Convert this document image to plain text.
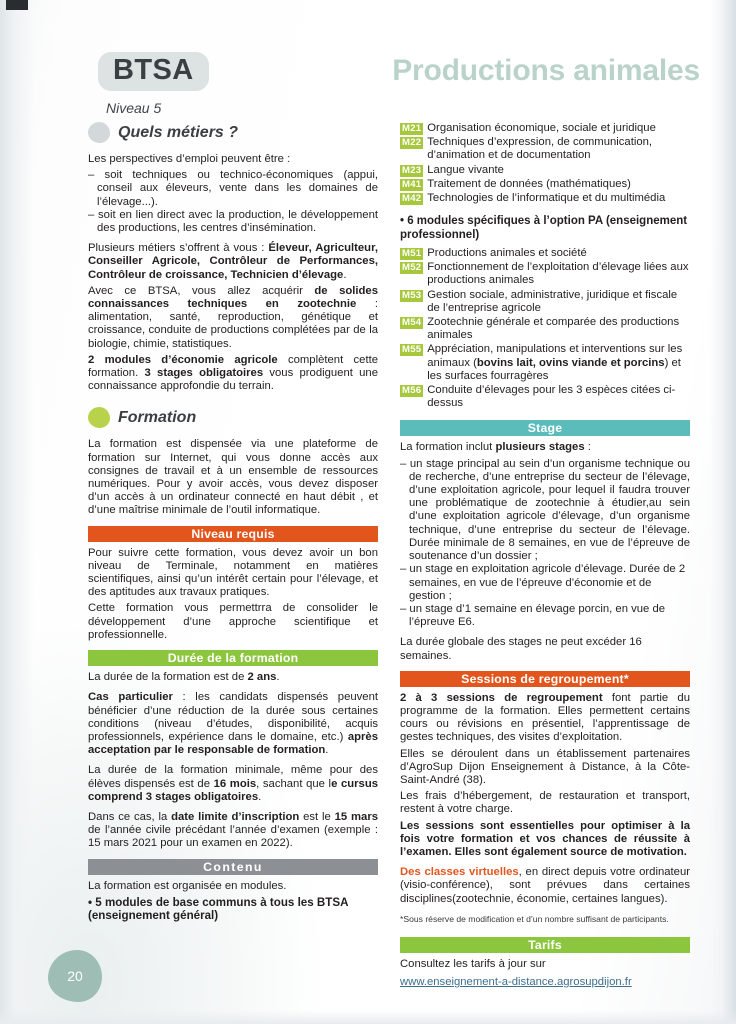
BTSA
Niveau 5
Productions animales
Quels métiers ?

Les perspectives d’emploi peuvent être :

– soit techniques ou technico-économiques (appui, conseil aux éleveurs, vente dans les domaines de l’élevage...).

– soit en lien direct avec la production, le développement des productions, les centres d’insémination.

Plusieurs métiers s’offrent à vous : Éleveur, Agriculteur, Conseiller Agricole, Contrôleur de Performances, Contrôleur de croissance, Technicien d’élevage.

Avec ce BTSA, vous allez acquérir de solides connaissances techniques en zootechnie : alimentation, santé, reproduction, génétique et croissance, conduite de productions complétées par de la biologie, chimie, statistiques.

2 modules d’économie agricole complètent cette formation. 3 stages obligatoires vous prodiguent une connaissance approfondie du terrain.

Formation

La formation est dispensée via une plateforme de formation sur Internet, qui vous donne accès aux consignes de travail et à un ensemble de ressources numériques. Pour y avoir accès, vous devez disposer d’un accès à un ordinateur connecté en haut débit , et d’une maîtrise minimale de l’outil informatique.

Niveau requis

Pour suivre cette formation, vous devez avoir un bon niveau de Terminale, notamment en matières scientifiques, ainsi qu’un intérêt certain pour l’élevage, et des aptitudes aux travaux pratiques.

Cette formation vous permettrra de consolider le développement d’une approche scientifique et professionnelle.

Durée de la formation

La durée de la formation est de 2 ans.

Cas particulier : les candidats dispensés peuvent bénéficier d’une réduction de la durée sous certaines conditions (niveau d’études, disponibilité, acquis professionnels, expérience dans le domaine, etc.) après acceptation par le responsable de formation.

La durée de la formation minimale, même pour des élèves dispensés est de 16 mois, sachant que le cursus comprend 3 stages obligatoires.

Dans ce cas, la date limite d’inscription est le 15 mars de l’année civile précédant l’année d’examen (exemple : 15 mars 2021 pour un examen en 2022).

Contenu

La formation est organisée en modules.

• 5 modules de base communs à tous les BTSA (enseignement général)

M21 Organisation économique, sociale et juridique
M22 Techniques d’expression, de communication, d’animation et de documentation
M23 Langue vivante
M41 Traitement de données (mathématiques)
M42 Technologies de l’informatique et du multimédia

• 6 modules spécifiques à l’option PA (enseignement professionnel)

M51 Productions animales et société
M52 Fonctionnement de l’exploitation d’élevage liées aux productions animales
M53 Gestion sociale, administrative, juridique et fiscale de l’entreprise agricole
M54 Zootechnie générale et comparée des productions animales
M55 Appréciation, manipulations et interventions sur les animaux (bovins lait, ovins viande et porcins) et les surfaces fourragères
M56 Conduite d’élevages pour les 3 espèces citées ci-dessus
Stage

La formation inclut plusieurs stages :

– un stage principal au sein d’un organisme technique ou de recherche, d’une entreprise du secteur de l’élevage, d’une exploitation agricole, pour lequel il faudra trouver une problématique de zootechnie à étudier,au sein d’une exploitation agricole d’élevage, d’un organisme technique, d’une entreprise du secteur de l’élevage. Durée minimale de 8 semaines, en vue de l’épreuve de soutenance d’un dossier ;

– un stage en exploitation agricole d’élevage. Durée de 2 semaines, en vue de l’épreuve d’économie et de gestion ;

– un stage d’1 semaine en élevage porcin, en vue de l’épreuve E6.

La durée globale des stages ne peut excéder 16 semaines.

Sessions de regroupement*

2 à 3 sessions de regroupement font partie du programme de la formation. Elles permettent certains cours ou révisions en présentiel, l’apprentissage de gestes techniques, des visites d’exploitation.

Elles se déroulent dans un établissement partenaires d’AgroSup Dijon Enseignement à Distance, à la Côte-Saint-André (38).

Les frais d’hébergement, de restauration et transport, restent à votre charge.

Les sessions sont essentielles pour optimiser à la fois votre formation et vos chances de réussite à l’examen. Elles sont également source de motivation.

Des classes virtuelles, en direct depuis votre ordinateur (visio-conférence), sont prévues dans certaines disciplines(zootechnie, économie, certaines langues).

*Sous réserve de modification et d’un nombre suffisant de participants.

Tarifs

Consultez les tarifs à jour sur

www.enseignement-a-distance.agrosupdijon.fr
20
